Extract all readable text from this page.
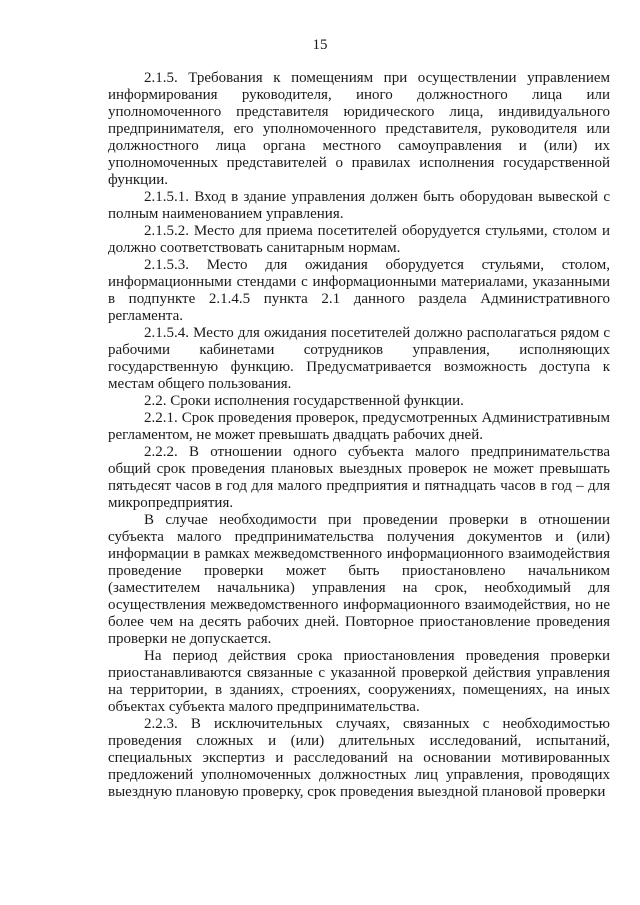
15

2.1.5. Требования к помещениям при осуществлении управлением информирования руководителя, иного должностного лица или уполномоченного представителя юридического лица, индивидуального предпринимателя, его уполномоченного представителя, руководителя или должностного лица органа местного самоуправления и (или) их уполномоченных представителей о правилах исполнения государственной функции.

2.1.5.1. Вход в здание управления должен быть оборудован вывеской с полным наименованием управления.

2.1.5.2. Место для приема посетителей оборудуется стульями, столом и должно соответствовать санитарным нормам.

2.1.5.3. Место для ожидания оборудуется стульями, столом, информационными стендами с информационными материалами, указанными в подпункте 2.1.4.5 пункта 2.1 данного раздела Административного регламента.

2.1.5.4. Место для ожидания посетителей должно располагаться рядом с рабочими кабинетами сотрудников управления, исполняющих государственную функцию. Предусматривается возможность доступа к местам общего пользования.

2.2. Сроки исполнения государственной функции.

2.2.1. Срок проведения проверок, предусмотренных Административным регламентом, не может превышать двадцать рабочих дней.

2.2.2. В отношении одного субъекта малого предпринимательства общий срок проведения плановых выездных проверок не может превышать пятьдесят часов в год для малого предприятия и пятнадцать часов в год – для микропредприятия.

В случае необходимости при проведении проверки в отношении субъекта малого предпринимательства получения документов и (или) информации в рамках межведомственного информационного взаимодействия проведение проверки может быть приостановлено начальником (заместителем начальника) управления на срок, необходимый для осуществления межведомственного информационного взаимодействия, но не более чем на десять рабочих дней. Повторное приостановление проведения проверки не допускается.

На период действия срока приостановления проведения проверки приостанавливаются связанные с указанной проверкой действия управления на территории, в зданиях, строениях, сооружениях, помещениях, на иных объектах субъекта малого предпринимательства.

2.2.3. В исключительных случаях, связанных с необходимостью проведения сложных и (или) длительных исследований, испытаний, специальных экспертиз и расследований на основании мотивированных предложений уполномоченных должностных лиц управления, проводящих выездную плановую проверку, срок проведения выездной плановой проверки
